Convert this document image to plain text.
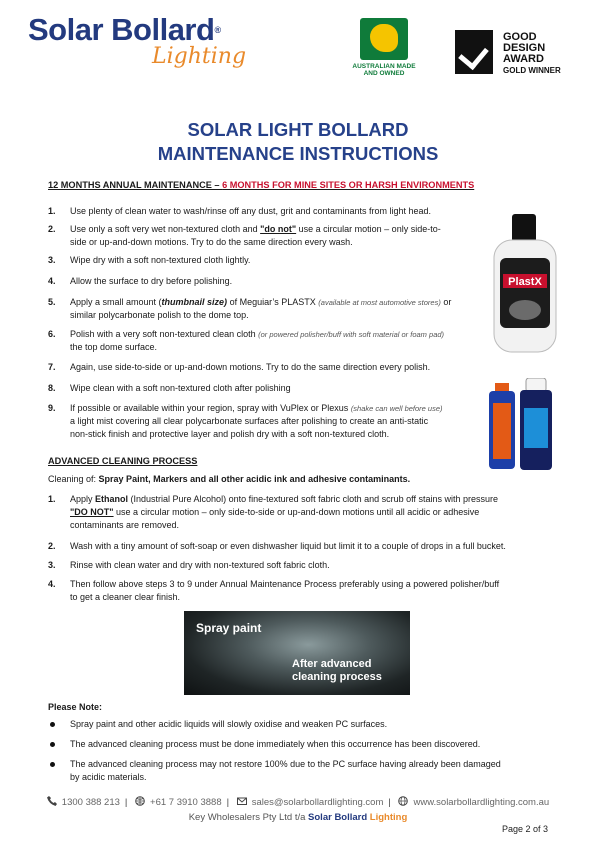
Solar Bollard®
Lighting	AUSTRALIAN MADE AND OWNED
GOOD
DESIGN
AWARD
GOLD WINNER
SOLAR LIGHT BOLLARD
MAINTENANCE INSTRUCTIONS
12 MONTHS ANNUAL MAINTENANCE – 6 MONTHS FOR MINE SITES OR HARSH ENVIRONMENTS
1. Use plenty of clean water to wash/rinse off any dust, grit and contaminants from light head.
2. Use only a soft very wet non-textured cloth and "do not" use a circular motion – only side-to-
side or up-and-down motions. Try to do the same direction every wash.
3. Wipe dry with a soft non-textured cloth lightly.
4. Allow the surface to dry before polishing.
5. Apply a small amount (thumbnail size) of Meguiar’s PLASTX (available at most automotive stores) or
similar polycarbonate polish to the dome top.
6. Polish with a very soft non-textured clean cloth (or powered polisher/buff with soft material or foam pad)
the top dome surface.
7. Again, use side-to-side or up-and-down motions. Try to do the same direction every polish.
8. Wipe clean with a soft non-textured cloth after polishing
9. If possible or available within your region, spray with VuPlex or Plexus (shake can well before use)
a light mist covering all clear polycarbonate surfaces after polishing to create an anti-static
non-stick finish and protective layer and polish dry with a soft non-textured cloth.
PlastX
ADVANCED CLEANING PROCESS
Cleaning of: Spray Paint, Markers and all other acidic ink and adhesive contaminants.
1. Apply Ethanol (Industrial Pure Alcohol) onto fine-textured soft fabric cloth and scrub off stains with pressure
"DO NOT" use a circular motion – only side-to-side or up-and-down motions until all acidic or adhesive
contaminants are removed.
2. Wash with a tiny amount of soft-soap or even dishwasher liquid but limit it to a couple of drops in a full bucket.
3. Rinse with clean water and dry with non-textured soft fabric cloth.
4. Then follow above steps 3 to 9 under Annual Maintenance Process preferably using a powered polisher/buff
to get a cleaner clear finish.
Spray paint
After advanced cleaning process
Please Note:
Spray paint and other acidic liquids will slowly oxidise and weaken PC surfaces.
The advanced cleaning process must be done immediately when this occurrence has been discovered.
The advanced cleaning process may not restore 100% due to the PC surface having already been damaged
by acidic materials.
1300 388 213 | +61 7 3910 3888 | sales@solarbollardlighting.com | www.solarbollardlighting.com.au
Key Wholesalers Pty Ltd t/a Solar Bollard Lighting
Page 2 of 3
